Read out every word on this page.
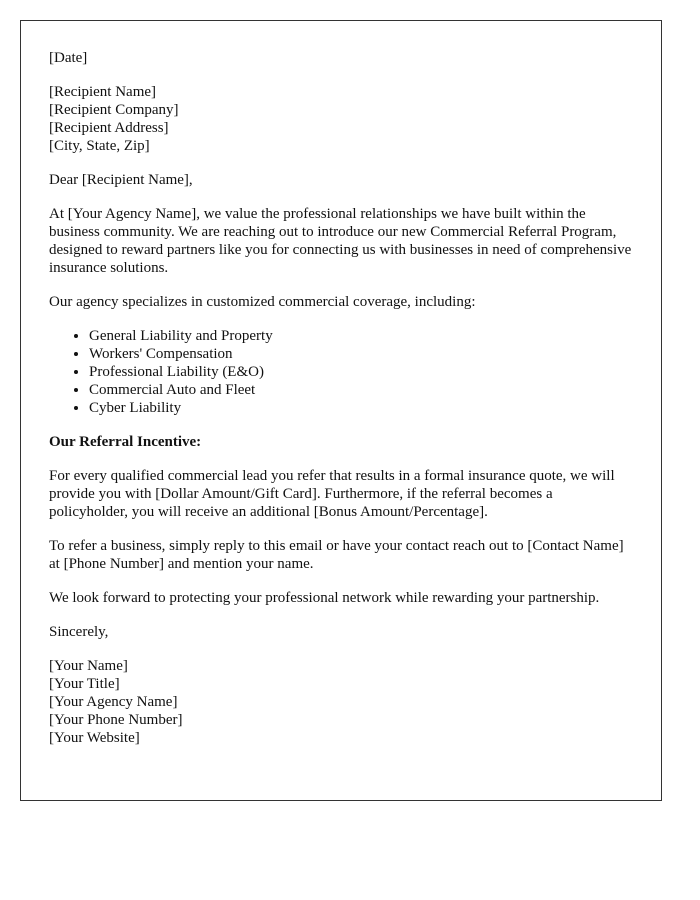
[Date]

[Recipient Name]
[Recipient Company]
[Recipient Address]
[City, State, Zip]

Dear [Recipient Name],

At [Your Agency Name], we value the professional relationships we have built within the business community. We are reaching out to introduce our new Commercial Referral Program, designed to reward partners like you for connecting us with businesses in need of comprehensive insurance solutions.

Our agency specializes in customized commercial coverage, including:

• General Liability and Property
• Workers' Compensation
• Professional Liability (E&O)
• Commercial Auto and Fleet
• Cyber Liability

Our Referral Incentive:

For every qualified commercial lead you refer that results in a formal insurance quote, we will provide you with [Dollar Amount/Gift Card]. Furthermore, if the referral becomes a policyholder, you will receive an additional [Bonus Amount/Percentage].

To refer a business, simply reply to this email or have your contact reach out to [Contact Name] at [Phone Number] and mention your name.

We look forward to protecting your professional network while rewarding your partnership.

Sincerely,

[Your Name]
[Your Title]
[Your Agency Name]
[Your Phone Number]
[Your Website]
